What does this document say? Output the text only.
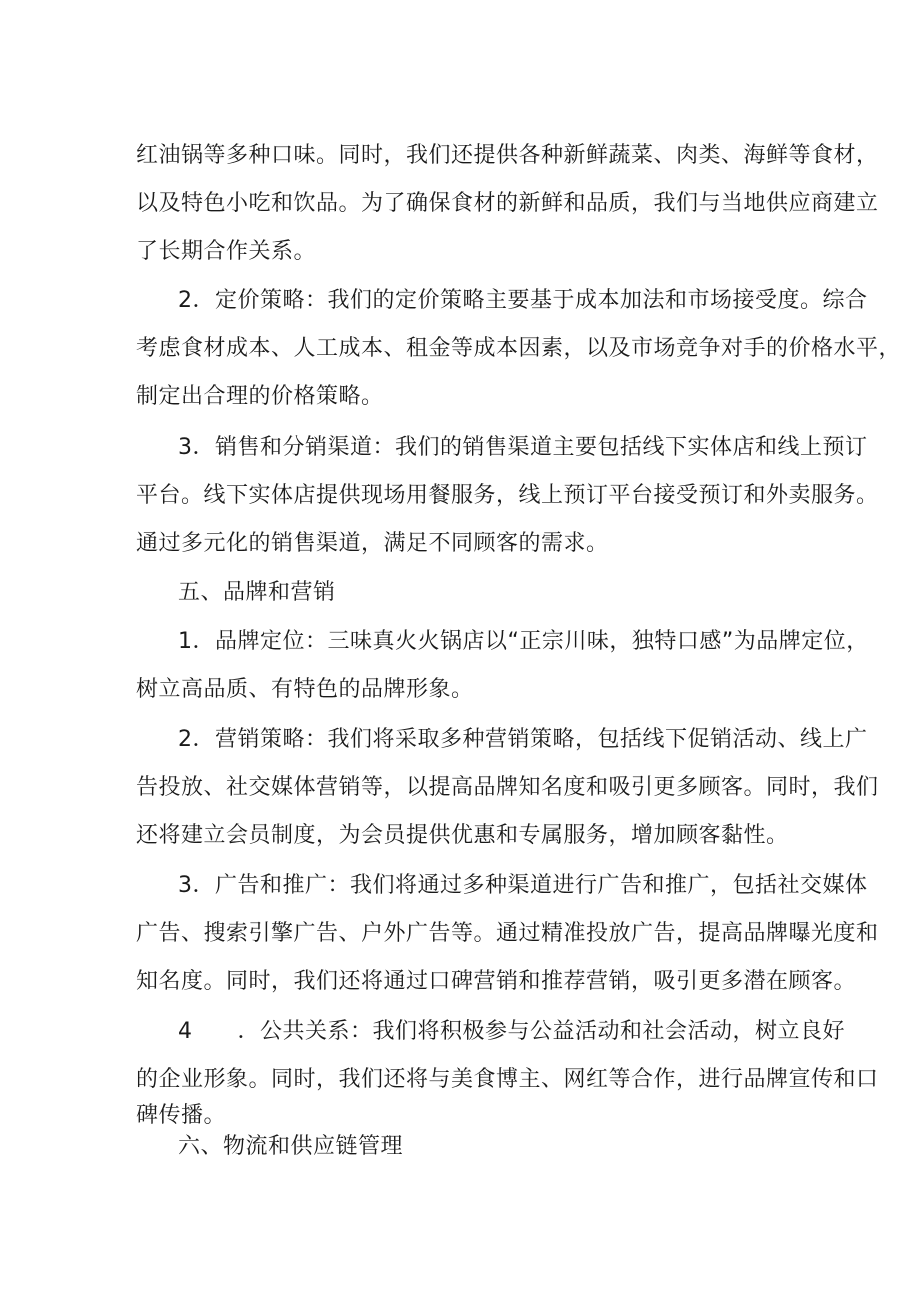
红油锅等多种口味。同时，我们还提供各种新鲜蔬菜、肉类、海鲜等食材，
以及特色小吃和饮品。为了确保食材的新鲜和品质，我们与当地供应商建立
了长期合作关系。
2．定价策略：我们的定价策略主要基于成本加法和市场接受度。综合
考虑食材成本、人工成本、租金等成本因素，以及市场竞争对手的价格水平，
制定出合理的价格策略。
3．销售和分销渠道：我们的销售渠道主要包括线下实体店和线上预订
平台。线下实体店提供现场用餐服务，线上预订平台接受预订和外卖服务。
通过多元化的销售渠道，满足不同顾客的需求。
五、品牌和营销
1．品牌定位：三味真火火锅店以“正宗川味，独特口感”为品牌定位，
树立高品质、有特色的品牌形象。
2．营销策略：我们将采取多种营销策略，包括线下促销活动、线上广
告投放、社交媒体营销等，以提高品牌知名度和吸引更多顾客。同时，我们
还将建立会员制度，为会员提供优惠和专属服务，增加顾客黏性。
3．广告和推广：我们将通过多种渠道进行广告和推广，包括社交媒体
广告、搜索引擎广告、户外广告等。通过精准投放广告，提高品牌曝光度和
知名度。同时，我们还将通过口碑营销和推荐营销，吸引更多潜在顾客。
4　　．公共关系：我们将积极参与公益活动和社会活动，树立良好
的企业形象。同时，我们还将与美食博主、网红等合作，进行品牌宣传和口
碑传播。
六、物流和供应链管理
